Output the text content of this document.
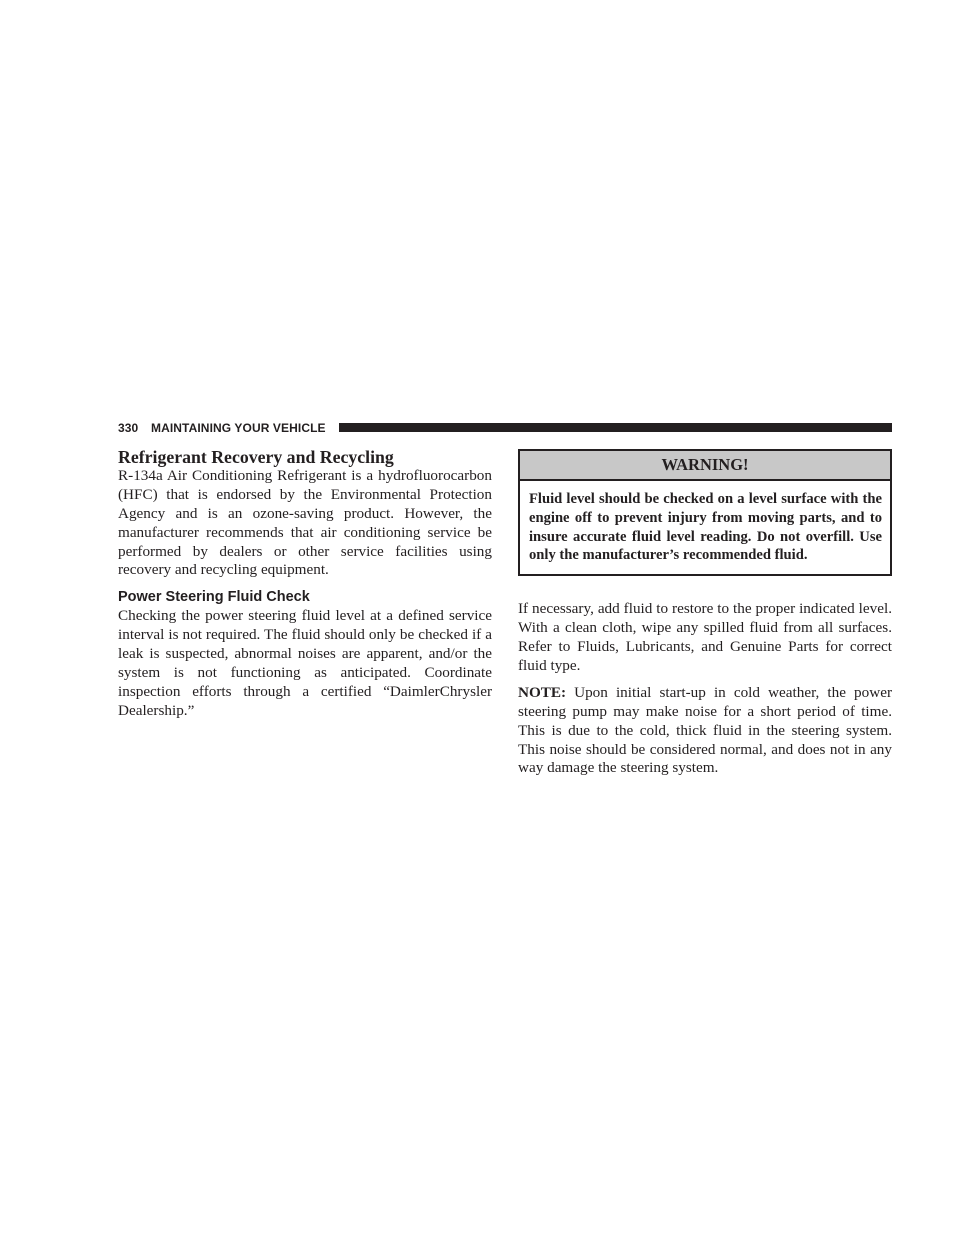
330 MAINTAINING YOUR VEHICLE
Refrigerant Recovery and Recycling

R-134a Air Conditioning Refrigerant is a hydrofluorocarbon (HFC) that is endorsed by the Environmental Protection Agency and is an ozone-saving product. However, the manufacturer recommends that air conditioning service be performed by dealers or other service facilities using recovery and recycling equipment.

Power Steering Fluid Check

Checking the power steering fluid level at a defined service interval is not required. The fluid should only be checked if a leak is suspected, abnormal noises are apparent, and/or the system is not functioning as anticipated. Coordinate inspection efforts through a certified “DaimlerChrysler Dealership.”

WARNING!
Fluid level should be checked on a level surface with the engine off to prevent injury from moving parts, and to insure accurate fluid level reading. Do not overfill. Use only the manufacturer’s recommended fluid.

If necessary, add fluid to restore to the proper indicated level. With a clean cloth, wipe any spilled fluid from all surfaces. Refer to Fluids, Lubricants, and Genuine Parts for correct fluid type.

NOTE: Upon initial start-up in cold weather, the power steering pump may make noise for a short period of time. This is due to the cold, thick fluid in the steering system. This noise should be considered normal, and does not in any way damage the steering system.
